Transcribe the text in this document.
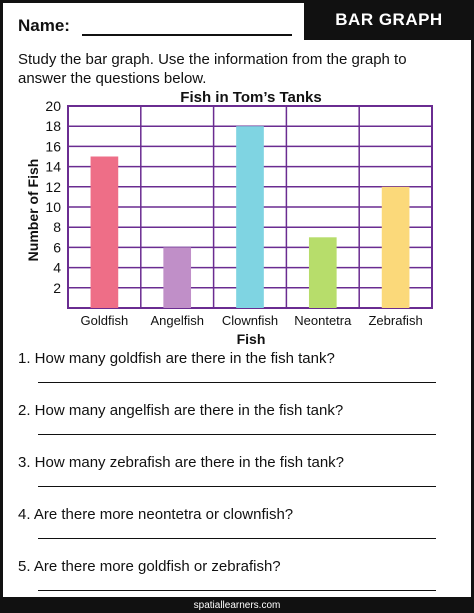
Name:	BAR GRAPH
Study the bar graph. Use the information from the graph to answer the questions below.
Fish in Tom’s Tanks
2
4
6
8
10
12
14
16
18
20
Goldfish Angelfish Clownfish Neontetra Zebrafish
Fish
Number of Fish
1. How many goldfish are there in the fish tank?
2. How many angelfish are there in the fish tank?
3. How many zebrafish are there in the fish tank?
4. Are there more neontetra or clownfish?
5. Are there more goldfish or zebrafish?
spatiallearners.com
